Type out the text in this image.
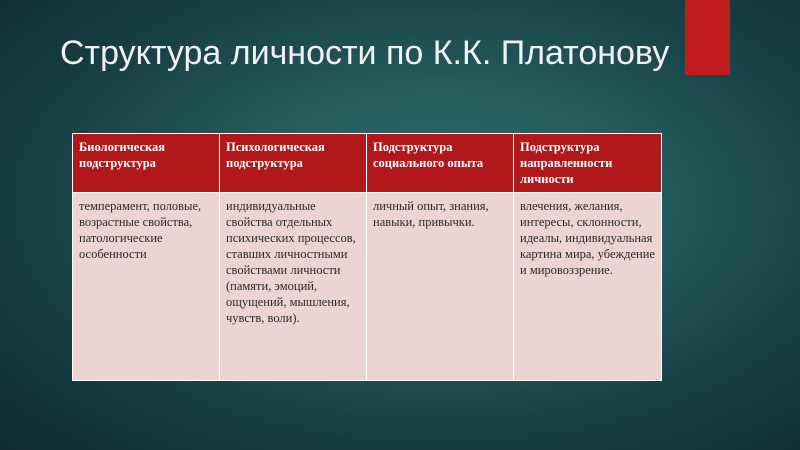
Структура личности по К.К. Платонову
Биологическая подструктура	Психологическая подструктура	Подструктура социального опыта	Подструктура направленности личности

темперамент, половые, возрастные свойства, патологические особенности	индивидуальные свойства отдельных психических процессов, ставших личностными свойствами личности (памяти, эмоций, ощущений, мышления, чувств, воли).	личный опыт, знания, навыки, привычки.	влечения, желания, интересы, склонности, идеалы, индивидуальная картина мира, убеждение и мировоззрение.
